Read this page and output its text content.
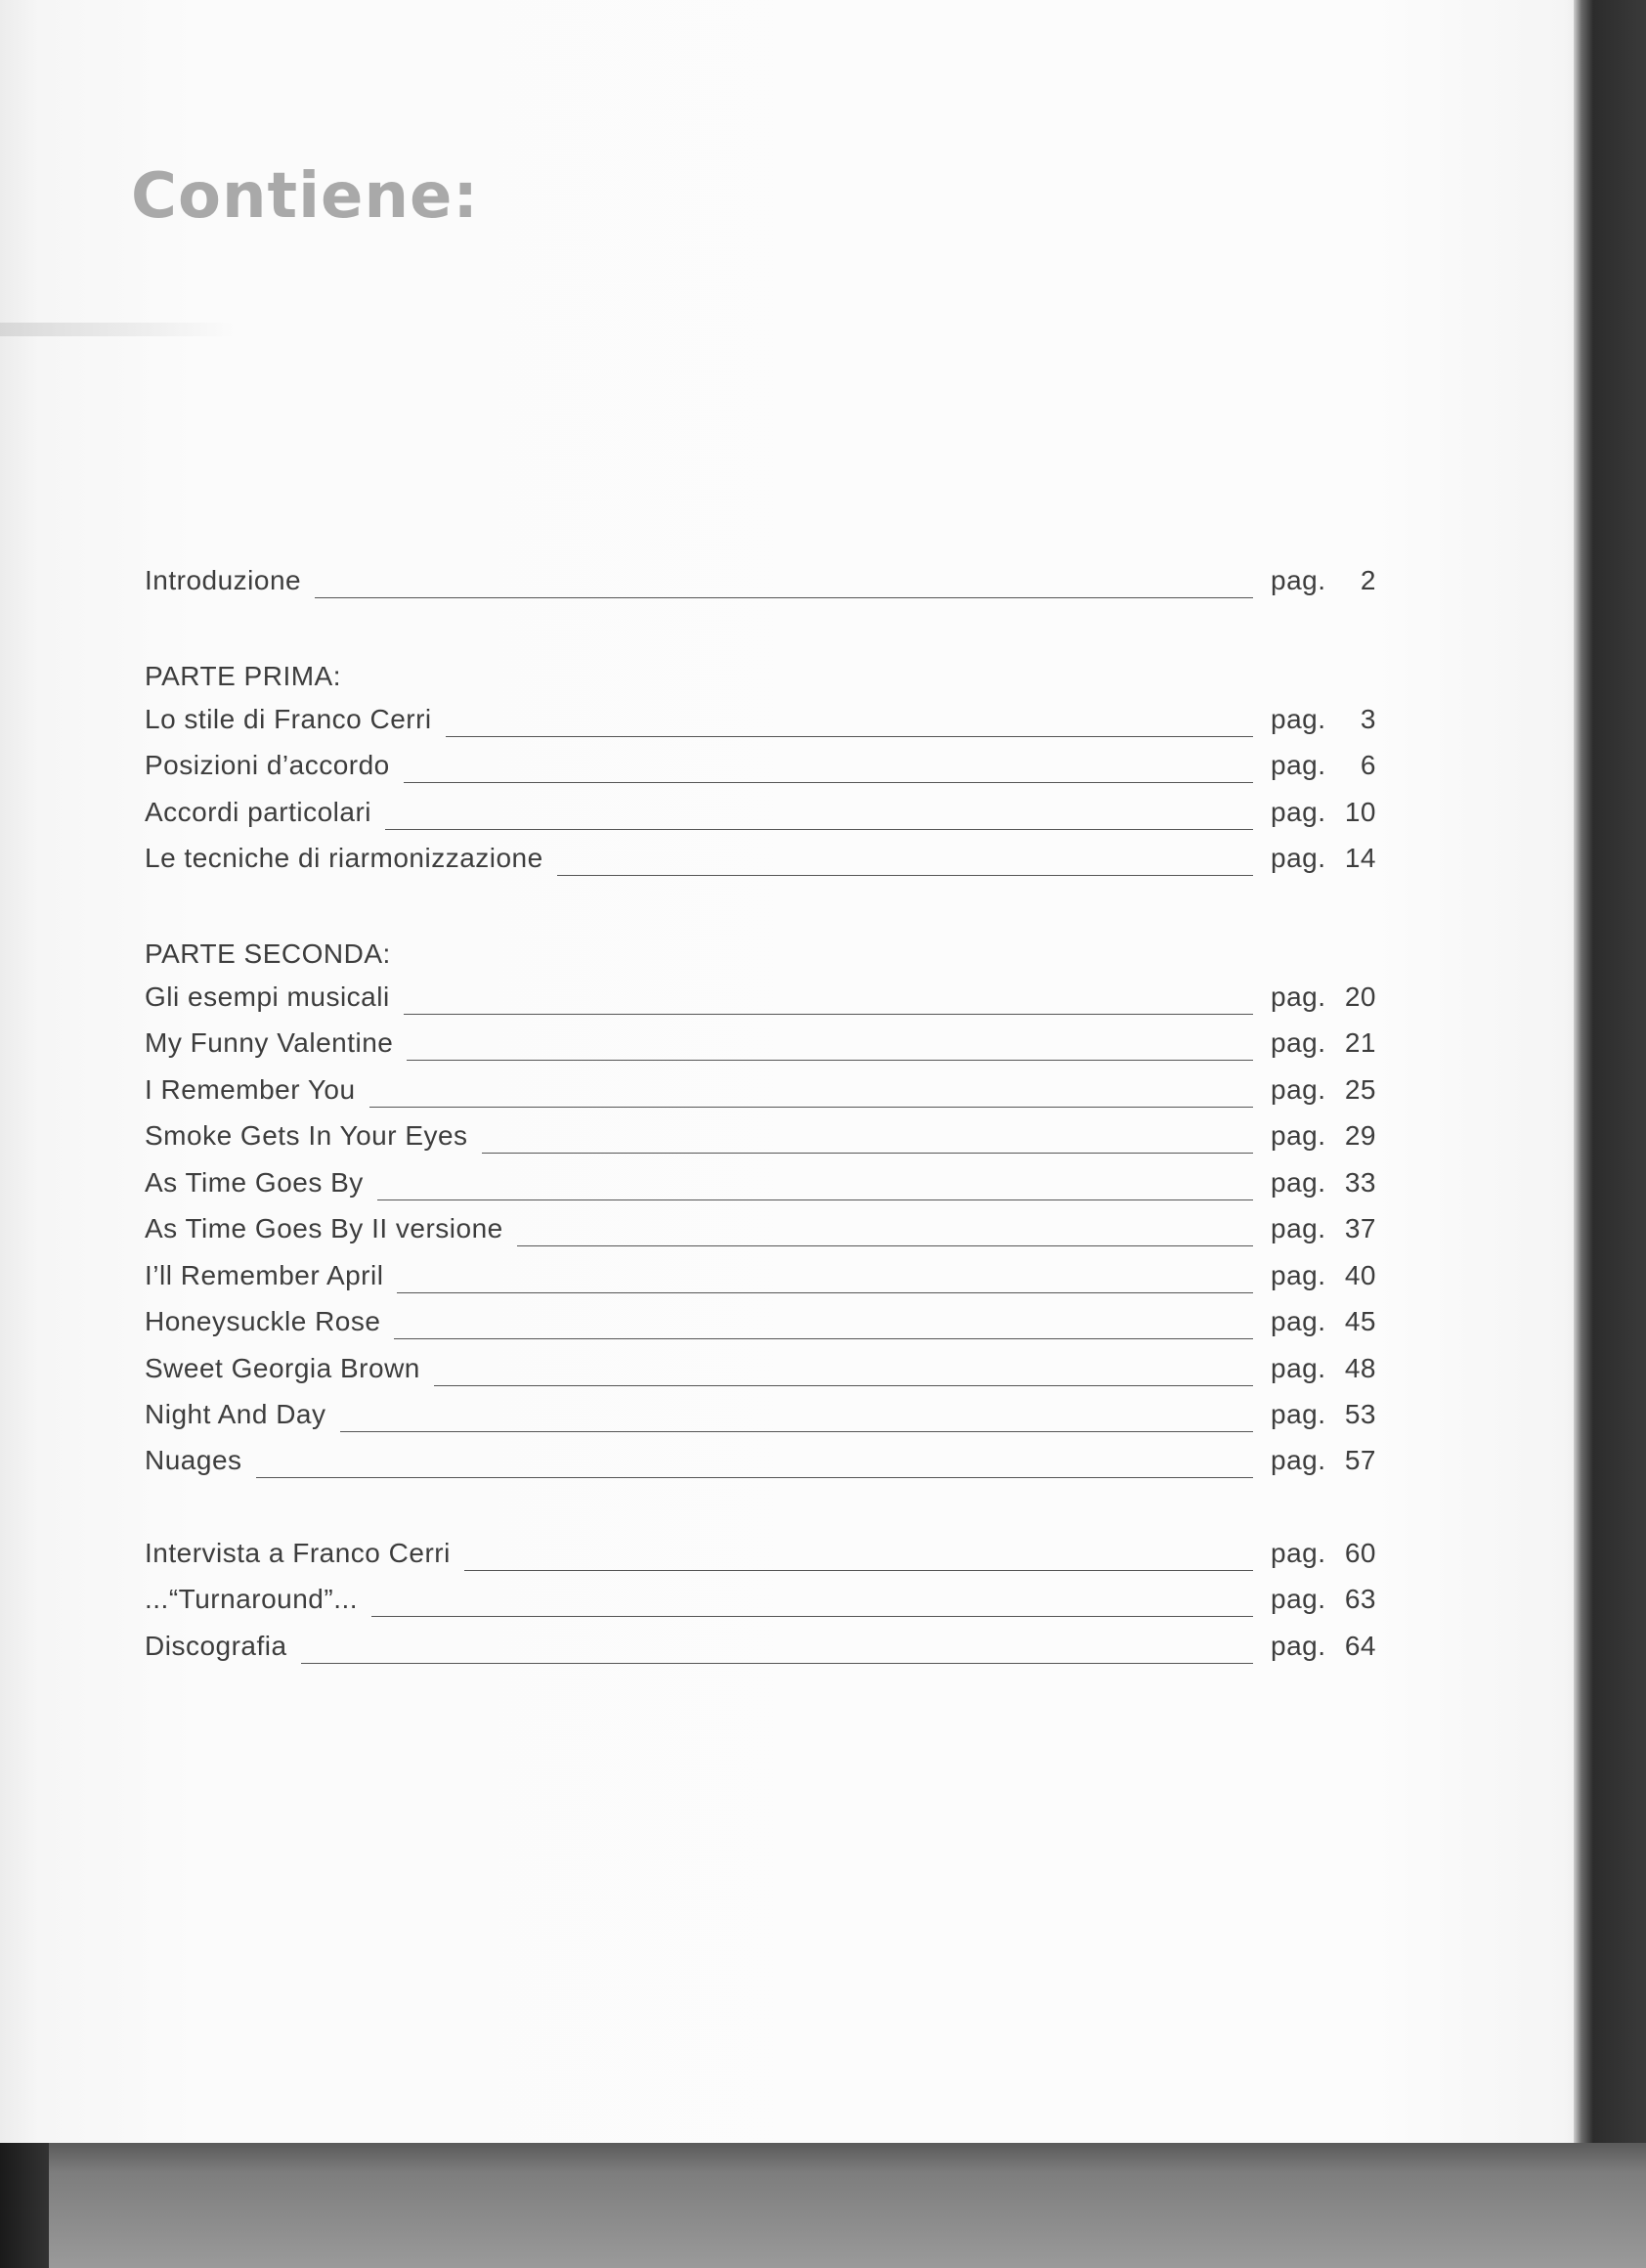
Contiene:
Introduzione	pag.	2
PARTE PRIMA:
Lo stile di Franco Cerri	pag.	3
Posizioni d’accordo	pag.	6
Accordi particolari	pag. 10
Le tecniche di riarmonizzazione	pag. 14
PARTE SECONDA:
Gli esempi musicali	pag. 20
My Funny Valentine	pag. 21
I Remember You	pag. 25
Smoke Gets In Your Eyes	pag. 29
As Time Goes By	pag. 33
As Time Goes By II versione	pag. 37
I’ll Remember April	pag. 40
Honeysuckle Rose	pag. 45
Sweet Georgia Brown	pag. 48
Night And Day	pag. 53
Nuages	pag. 57
Intervista a Franco Cerri	pag. 60
...“Turnaround”...	pag. 63
Discografia	pag. 64
